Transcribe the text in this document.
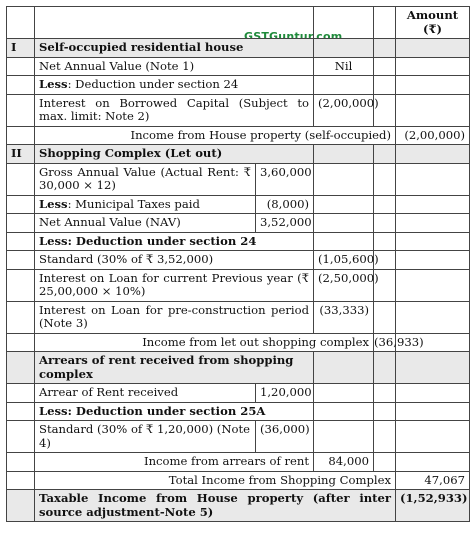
GSTGuntur.com
					Amount (₹)
I	Self-occupied residential house				
	Net Annual Value (Note 1)		Nil		
	Less: Deduction under section 24				
	Interest on Borrowed Capital (Subject to max. limit: Note 2)		(2,00,000)		
	Income from House property (self-occupied)				(2,00,000)
II	Shopping Complex (Let out)				
	Gross Annual Value (Actual Rent: ₹ 30,000 × 12)	3,60,000			
	Less: Municipal Taxes paid	(8,000)			
	Net Annual Value (NAV)	3,52,000			
	Less: Deduction under section 24				
	Standard (30% of ₹ 3,52,000)		(1,05,600)		
	Interest on Loan for current Previous year (₹ 25,00,000 × 10%)		(2,50,000)		
	Interest on Loan for pre-construction period (Note 3)		(33,333)		
	Income from let out shopping complex			(36,933)	
	Arrears of rent received from shopping complex				
	Arrear of Rent received	1,20,000			
	Less: Deduction under section 25A				
	Standard (30% of ₹ 1,20,000) (Note 4)	(36,000)			
	Income from arrears of rent		84,000		
	Total Income from Shopping Complex				47,067
	Taxable Income from House property (after inter source adjustment-Note 5)				(1,52,933)
